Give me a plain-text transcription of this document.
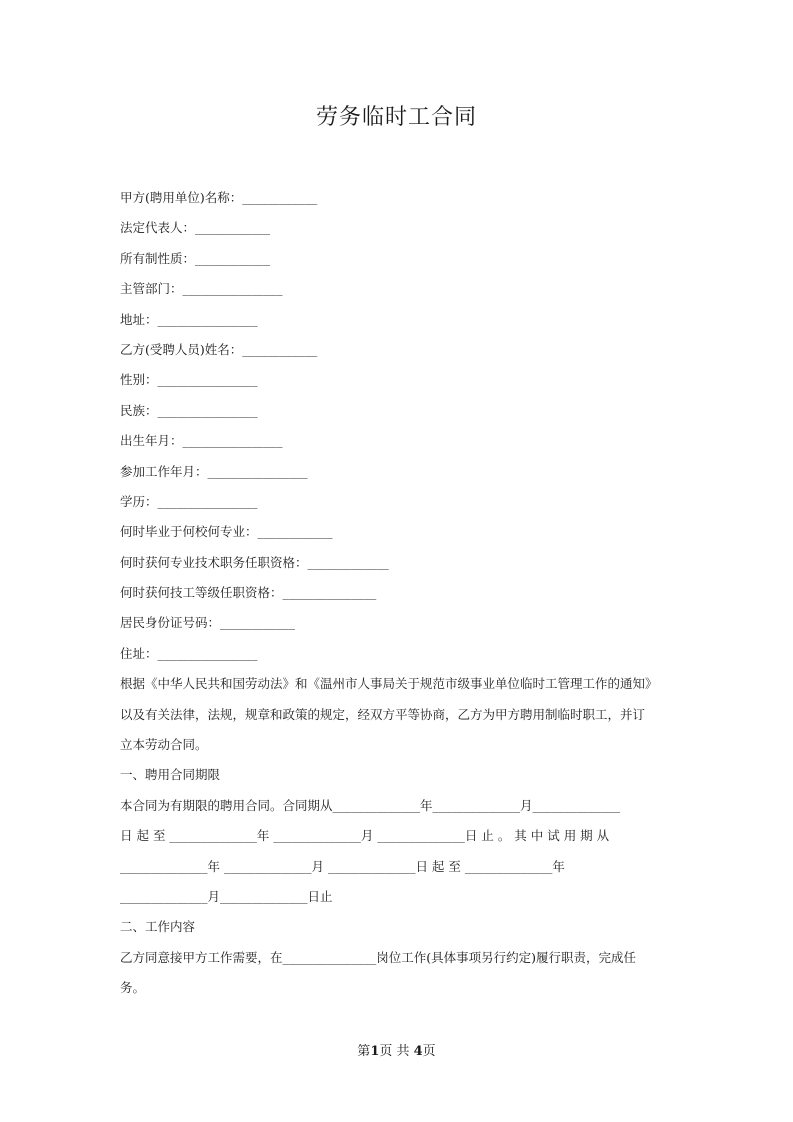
劳务临时工合同
甲方(聘用单位)名称：____________
法定代表人：____________
所有制性质：____________
主管部门：________________
地址：________________
乙方(受聘人员)姓名：____________
性别：________________
民族：________________
出生年月：________________
参加工作年月：________________
学历：________________
何时毕业于何校何专业：____________
何时获何专业技术职务任职资格：_____________
何时获何技工等级任职资格：_______________
居民身份证号码：____________
住址：________________
根据《中华人民共和国劳动法》和《温州市人事局关于规范市级事业单位临时工管理工作的通知》
以及有关法律，法规，规章和政策的规定，经双方平等协商，乙方为甲方聘用制临时职工，并订
立本劳动合同。
一、聘用合同期限
本合同为有期限的聘用合同。合同期从______________年______________月______________
日 起 至 ______________年 ______________月 ______________日 止 。 其 中 试 用 期 从
______________年 ______________月 ______________日 起 至 ______________年
______________月______________日止
二、工作内容
乙方同意接甲方工作需要，在_______________岗位工作(具体事项另行约定)履行职责，完成任
务。
第1页 共 4页
